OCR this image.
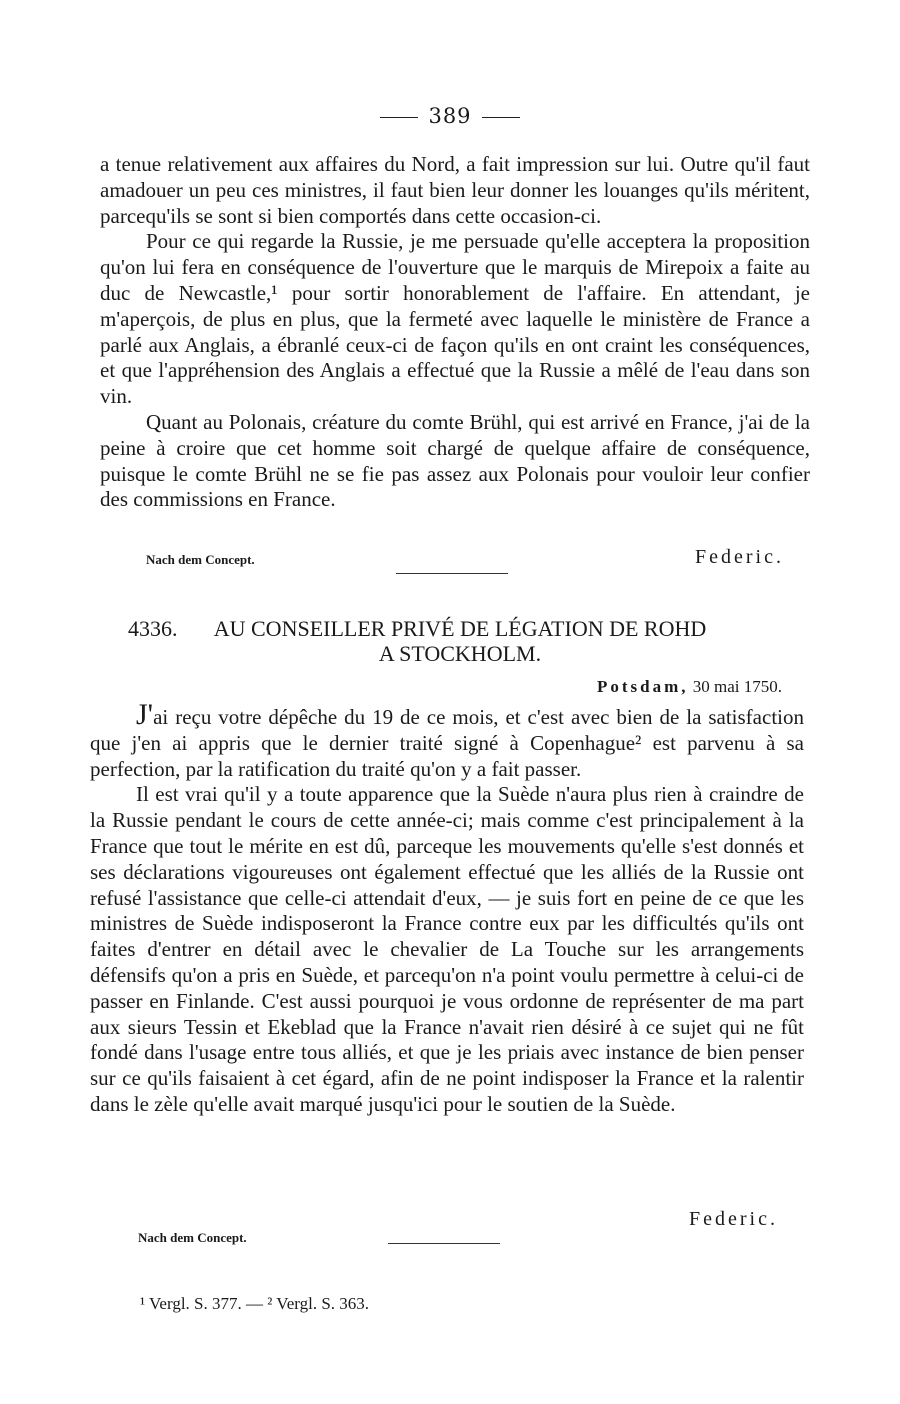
389

a tenue relativement aux affaires du Nord, a fait impression sur lui. Outre qu'il faut amadouer un peu ces ministres, il faut bien leur donner les louanges qu'ils méritent, parcequ'ils se sont si bien comportés dans cette occasion-ci.

Pour ce qui regarde la Russie, je me persuade qu'elle acceptera la proposition qu'on lui fera en conséquence de l'ouverture que le marquis de Mirepoix a faite au duc de Newcastle,¹ pour sortir honorablement de l'affaire. En attendant, je m'aperçois, de plus en plus, que la fermeté avec laquelle le ministère de France a parlé aux Anglais, a ébranlé ceux-ci de façon qu'ils en ont craint les conséquences, et que l'appréhension des Anglais a effectué que la Russie a mêlé de l'eau dans son vin.

Quant au Polonais, créature du comte Brühl, qui est arrivé en France, j'ai de la peine à croire que cet homme soit chargé de quelque affaire de conséquence, puisque le comte Brühl ne se fie pas assez aux Polonais pour vouloir leur confier des commissions en France.

Nach dem Concept.	Federic.
4336.	AU CONSEILLER PRIVÉ DE LÉGATION DE ROHD
A STOCKHOLM.
Potsdam, 30 mai 1750.

J'ai reçu votre dépêche du 19 de ce mois, et c'est avec bien de la satisfaction que j'en ai appris que le dernier traité signé à Copenhague² est parvenu à sa perfection, par la ratification du traité qu'on y a fait passer.

Il est vrai qu'il y a toute apparence que la Suède n'aura plus rien à craindre de la Russie pendant le cours de cette année-ci; mais comme c'est principalement à la France que tout le mérite en est dû, parceque les mouvements qu'elle s'est donnés et ses déclarations vigoureuses ont également effectué que les alliés de la Russie ont refusé l'assistance que celle-ci attendait d'eux, — je suis fort en peine de ce que les ministres de Suède indisposeront la France contre eux par les difficultés qu'ils ont faites d'entrer en détail avec le chevalier de La Touche sur les arrangements défensifs qu'on a pris en Suède, et parcequ'on n'a point voulu permettre à celui-ci de passer en Finlande. C'est aussi pourquoi je vous ordonne de représenter de ma part aux sieurs Tessin et Ekeblad que la France n'avait rien désiré à ce sujet qui ne fût fondé dans l'usage entre tous alliés, et que je les priais avec instance de bien penser sur ce qu'ils faisaient à cet égard, afin de ne point indisposer la France et la ralentir dans le zèle qu'elle avait marqué jusqu'ici pour le soutien de la Suède.

Nach dem Concept.
Federic.
¹ Vergl. S. 377. — ² Vergl. S. 363.
